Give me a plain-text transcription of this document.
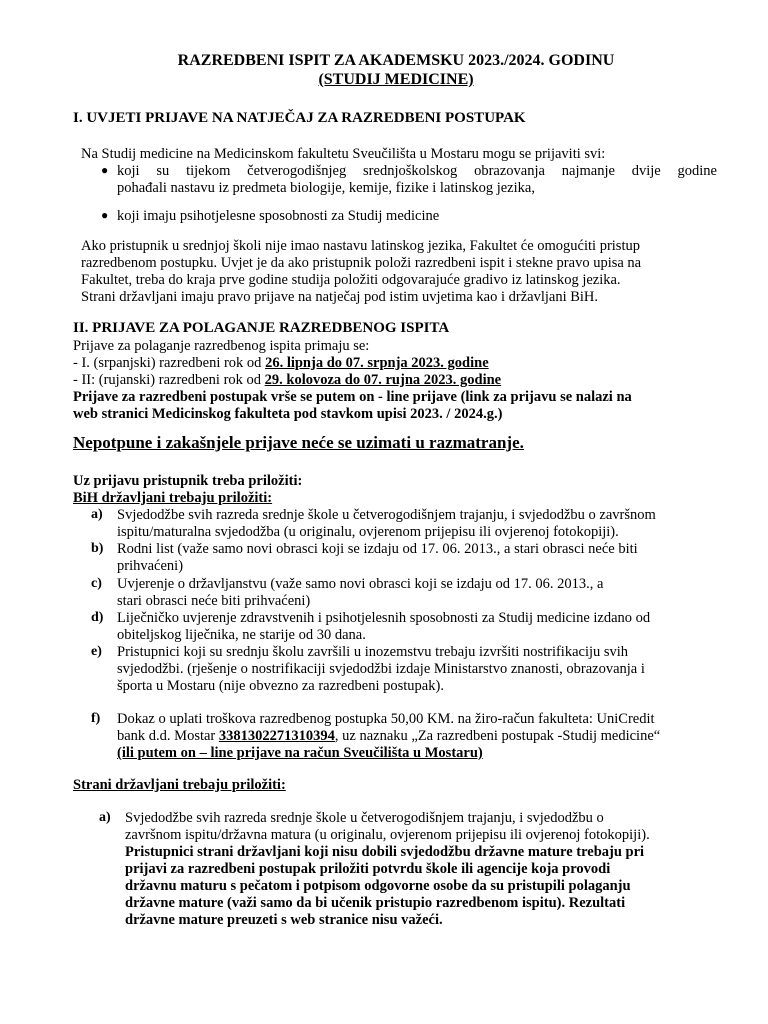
RAZREDBENI ISPIT ZA AKADEMSKU 2023./2024. GODINU
(STUDIJ MEDICINE)
I. UVJETI PRIJAVE NA NATJEČAJ ZA RAZREDBENI POSTUPAK
Na Studij medicine na Medicinskom fakultetu Sveučilišta u Mostaru mogu se prijaviti svi:
● koji su tijekom četverogodišnjeg srednjoškolskog obrazovanja najmanje dvije godine
pohađali nastavu iz predmeta biologije, kemije, fizike i latinskog jezika,
● koji imaju psihotjelesne sposobnosti za Studij medicine
Ako pristupnik u srednjoj školi nije imao nastavu latinskog jezika, Fakultet će omogućiti pristup
razredbenom postupku. Uvjet je da ako pristupnik položi razredbeni ispit i stekne pravo upisa na
Fakultet, treba do kraja prve godine studija položiti odgovarajuće gradivo iz latinskog jezika.
Strani državljani imaju pravo prijave na natječaj pod istim uvjetima kao i državljani BiH.
II. PRIJAVE ZA POLAGANJE RAZREDBENOG ISPITA
Prijave za polaganje razredbenog ispita primaju se:
- I. (srpanjski) razredbeni rok od 26. lipnja do 07. srpnja 2023. godine
- II: (rujanski) razredbeni rok od 29. kolovoza do 07. rujna 2023. godine
Prijave za razredbeni postupak vrše se putem on - line prijave (link za prijavu se nalazi na
web stranici Medicinskog fakulteta pod stavkom upisi 2023. / 2024.g.)
Nepotpune i zakašnjele prijave neće se uzimati u razmatranje.
Uz prijavu pristupnik treba priložiti:
BiH državljani trebaju priložiti:
a) Svjedodžbe svih razreda srednje škole u četverogodišnjem trajanju, i svjedodžbu o završnom
ispitu/maturalna svjedodžba (u originalu, ovjerenom prijepisu ili ovjerenoj fotokopiji).
b) Rodni list (važe samo novi obrasci koji se izdaju od 17. 06. 2013., a stari obrasci neće biti
prihvaćeni)
c) Uvjerenje o državljanstvu (važe samo novi obrasci koji se izdaju od 17. 06. 2013., a
stari obrasci neće biti prihvaćeni)
d) Liječničko uvjerenje zdravstvenih i psihotjelesnih sposobnosti za Studij medicine izdano od
obiteljskog liječnika, ne starije od 30 dana.
e) Pristupnici koji su srednju školu završili u inozemstvu trebaju izvršiti nostrifikaciju svih
svjedodžbi. (rješenje o nostrifikaciji svjedodžbi izdaje Ministarstvo znanosti, obrazovanja i
športa u Mostaru (nije obvezno za razredbeni postupak).
f) Dokaz o uplati troškova razredbenog postupka 50,00 KM. na žiro-račun fakulteta: UniCredit
bank d.d. Mostar 3381302271310394, uz naznaku „Za razredbeni postupak -Studij medicine“
(ili putem on – line prijave na račun Sveučilišta u Mostaru)
Strani državljani trebaju priložiti:
a) Svjedodžbe svih razreda srednje škole u četverogodišnjem trajanju, i svjedodžbu o
završnom ispitu/državna matura (u originalu, ovjerenom prijepisu ili ovjerenoj fotokopiji).
Pristupnici strani državljani koji nisu dobili svjedodžbu državne mature trebaju pri
prijavi za razredbeni postupak priložiti potvrdu škole ili agencije koja provodi
državnu maturu s pečatom i potpisom odgovorne osobe da su pristupili polaganju
državne mature (važi samo da bi učenik pristupio razredbenom ispitu). Rezultati
državne mature preuzeti s web stranice nisu važeći.
